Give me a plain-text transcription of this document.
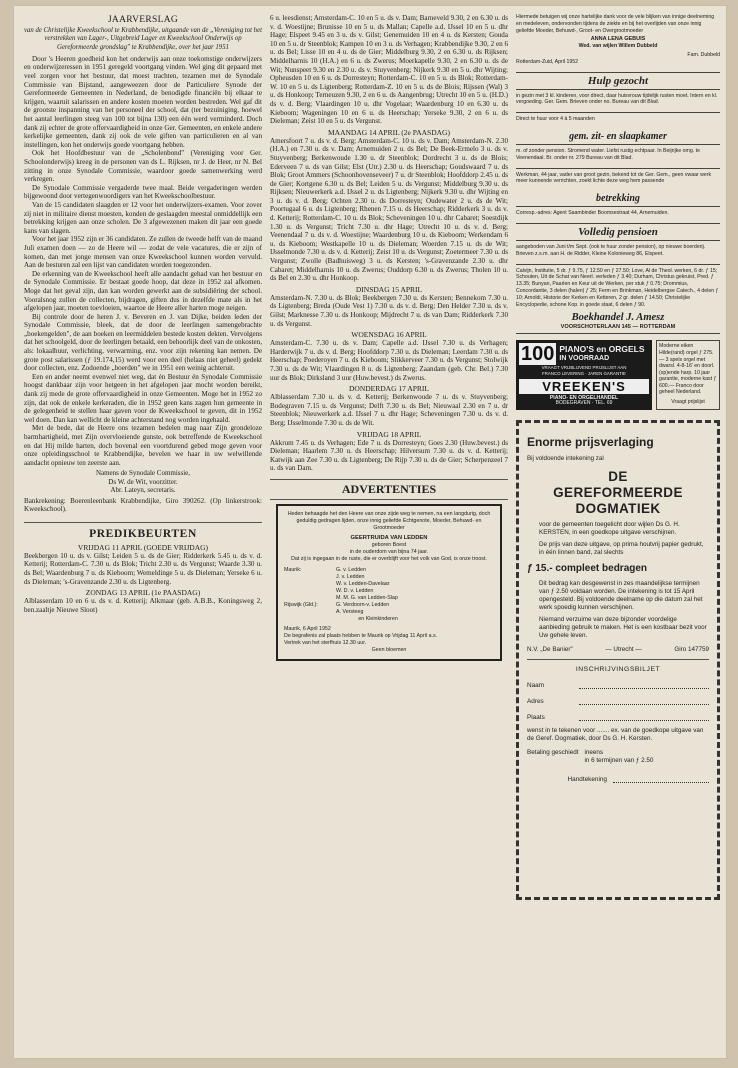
JAARVERSLAG
van de Christelijke Kweekschool te Krabbendijke, uitgaande van de „Vereniging tot het verstrekken van Lager-, Uitgebreid Lager en Kweekschool Onderwijs op Gereformeerde grondslag" te Krabbendijke, over het jaar 1951

Door 's Heeren goedheid kon het onderwijs aan onze toekomstige onderwijzers en onderwijzeressen in 1951 geregeld voortgang vinden. Wel ging dit gepaard met veel zorgen voor het bestuur, dat moest trachten, tezamen met de Synodale Commissie van Bijstand, aangeweezen door de Particuliere Synode der Gereformeerde Gemeenten in Nederland, de benodigde financiën bij elkaar te krijgen, waaruit salarissen en andere kosten moeten worden bestreden. Wel gaf dit de grootste inspanning van het personeel der school, dat (ter bezuiniging, hoewel het aantal leerlingen steeg van 100 tot bijna 130) een één werd verminderd. Doch dank zij echter de grote offervaardigheid in onze Ger. Gemeenten, en enkele andere kerkelijke gemeenten, dank zij ook de vele giften van particulieren en al van instellingen, kon het onderwijs goede voortgang hebben.

Ook het Hoofdbestuur van de „Scholenbond" (Vereniging voor Ger. Schoolonderwijs) kreeg in de personen van ds L. Rijksen, nr J. de Heer, nr N. Bel zitting in onze Synodale Commissie, waardoor goede samenwerking werd verkregen.

De Synodale Commissie vergaderde twee maal. Beide vergaderingen werden bijgewoond door vertegenwoordigers van het Kweekschoolbestuur.

Van de 15 candidaten slaagden er 12 voor het onderwijzers-examen. Voor zover zij niet in militaire dienst moesten, konden de geslaagden meestal onmiddellijk een betrekking krijgen aan onze scholen. De 3 afgewezenen maken dit jaar een goede kans van slagen.

Voor het jaar 1952 zijn er 36 candidaten. Ze zullen de tweede helft van de maand Juli examen doen — zo de Heere wil — zodat de vele vacatures, die er zijn of komen, dan met jonge mensen van onze Kweekschool kunnen worden vervuld. Aan de besturen zal een lijst van candidaten worden toegezonden.

De erkenning van de Kweekschool heeft alle aandacht gehad van het bestuur en de Synodale Commissie. Er bestaat goede hoop, dat deze in 1952 zal afkomen. Moge dat het geval zijn, dan kan worden gewerkt aan de subsidiëring der school. Vooralsnog zullen de collecten, bijdragen, giften dus in dezelfde mate als in het afgelopen jaar, moeten toevloeien, waartoe de Heere aller harten moge neigen.

Bij controle door de heren J. v. Beveren en J. van Dijke, beiden leden der Synodale Commissie, bleek, dat de door de leerlingen samengebrachte „boekengelden", de aan boeken en leermiddelen bestede kosten dekten. Vervolgens dat het schoolgeld, door de leerlingen betaald, een behoorlijk deel van de onkosten, als: lokaalhuur, verlichting, verwarming, enz. voor zijn rekening kan nemen. De grote post salarissen (ƒ 19.174,15) werd voor een deel (helaas niet geheel) gedekt door collecten, enz. Zodoende „boerden" we in 1951 een weinig achteruit.

Een en ander neemt evenwel niet weg, dat én Bestuur én Synodale Commissie hoogst dankbaar zijn voor hetgeen in het afgelopen jaar mocht worden bereikt, dank zij mede de grote offervaardigheid in onze Gemeenten. Moge het in 1952 zo zijn, dat ook de enkele kerkeraden, die in 1952 geen kans zagen hun gemeente in de gelegenheid te stellen haar gaven voor de Kweekschool te geven, dit in 1952 wel doen. Dan kan wellicht de kleine achterstand nog worden ingehaald.

Met de bede, dat de Heere ons tezamen bedelen mag naar Zijn grondeloze barmhartigheid, met Zijn overvloeiende gunste, ook betreffende de Kweekschool en dat Hij milde harten, doch bovenal een voortdurend gebed moge geven voor onze opleidingsschool te Krabbendijke, bevelen we haar in uw welwillende aandacht opnieuw ten zeerste aan.

Namens de Synodale Commissie,
Ds W. de Wit, voorzitter.
Abr. Lateyn, secretaris.
Bankrekening: Boerenleenbank Krabbendijke, Giro 390262. (Op linkerstrook: Kweekschool).
PREDIKBEURTEN
VRIJDAG 11 APRIL (GOEDE VRIJDAG)
Beekbergen 10 u. ds v. Gilst; Leiden 5 u. ds de Gier; Ridderkerk 5.45 u. ds v. d. Ketterij; Rotterdam-C. 7.30 u. ds Blok; Tricht 2.30 u. ds Vergunst; Waarde 3.30 u. ds Bel; Waardenburg 7 u. ds Kieboom; Wemeldinge 5 u. ds Dieleman; Yerseke 6 u. ds Dieleman; 's-Gravenzande 2.30 u. ds Ligtenberg.
ZONDAG 13 APRIL (1e PAASDAG)
Alblasserdam 10 en 6 u. ds v. d. Ketterij; Alkmaar (geb. A.B.B., Koningsweg 2, ben.zaaltje Nieuwe Sloot)
6 u. leesdienst; Amsterdam-C. 10 en 5 u. ds v. Dam; Barneveld 9.30, 2 en 6.30 u. ds v. d. Woestijne; Brunisse 10 en 5 u. ds Mallan; Capelle a.d. IJssel 10 en 5 u. dhr Hage; Elspeet 9.45 en 3 u. ds v. Gilst; Genemuiden 10 en 4 u. ds Kersten; Gouda 10 en 5 u. dr Steenblok; Kampen 10 en 3 u. ds Verhagen; Krabbendijke 9.30, 2 en 6 u. ds Bel; Lisse 10 en 4 u. ds de Gier; Middelburg 9.30, 2 en 6.30 u. ds Rijksen; Middelharnis 10 (H.A.) en 6 u. ds Zwerus; Moerkapelle 9.30, 2 en 6.30 u. ds de Wit; Nunspeet 9.30 en 2.30 u. ds v. Stuyvenberg; Nijkerk 9.30 en 5 u. dhr Wijting; Opheusden 10 en 6 u. ds Dorresteyn; Rotterdam-C. 10 en 5 u. ds Blok; Rotterdam-W. 10 en 5 u. ds Ligtenberg; Rotterdam-Z. 10 en 5 u. ds de Blois; Rijssen (Wal) 3 u. ds Honkoop; Terneuzen 9.30, 2 en 6 u. ds Aangenbrug; Utrecht 10 en 5 u. (H.D.) ds v. d. Berg; Vlaardingen 10 u. dhr Vogelaar; Waardenburg 10 en 6.30 u. ds Kieboom; Wageningen 10 en 6 u. ds Heerschap; Yerseke 9.30, 2 en 6 u. ds Dieleman; Zeist 10 en 5 u. ds Vergunst.
MAANDAG 14 APRIL (2e PAASDAG)
Amersfoort 7 u. ds v. d. Berg; Amsterdam-C. 10 u. ds v. Dam; Amsterdam-N. 2.30 (H.A.) en 7.30 u. ds v. Dam; Arnemuiden 2 u. ds Bel; De Beek-Ermelo 3 u. ds v. Stuyvenberg; Berkenwoude 1.30 u. dr Steenblok; Dordrecht 3 u. ds de Blois; Ederveen 7 u. ds van Gilst; Elst (Utr.) 2.30 u. ds Heerschap; Goudswaard 7 u. ds Blok; Groot Ammers (Schoonhovenseveer) 7 u. dr Steenblok; Hoofddorp 2.45 u. ds de Gier; Kortgene 6.30 u. ds Bel; Leiden 5 u. ds Vergunst; Middelburg 9.30 u. ds Rijksen; Nieuwerkerk a.d. IJssel 2 u. ds Ligtenberg; Nijkerk 9.30 u. dhr Wijting en 3 u. ds v. d. Berg; Ochten 2.30 u. ds Dorresteyn; Oudewater 2 u. ds de Wit; Poortugaal 6 u. ds Ligtenberg; Rhenen 7.15 u. ds Heerschap; Ridderkerk 3 u. ds v. d. Ketterij; Rotterdam-C. 10 u. ds Blok; Scheveningen 10 u. dhr Cabaret; Soestdijk 1.30 u. ds Vergunst; Tricht 7.30 u. dhr Hage; Utrecht 10 u. ds v. d. Berg; Veenendaal 7 u. ds v. d. Woestijne; Waardenburg 10 u. ds Kieboom; Werkendam 6 u. ds Kieboom; Westkapelle 10 u. ds Dieleman; Woerden 7.15 u. ds de Wit; IJsselmonde 7.30 u. ds v. d. Ketterij; Zeist 10 u. ds Vergunst; Zoetermeer 7.30 u. ds Vergunst; Zwolle (Badhuisweg) 3 u. ds Kersten; 's-Gravenzande 2.30 u. dhr Cabaret; Middelharnis 10 u. ds Zwerus; Ouddorp 6.30 u. ds Zwerus; Tholen 10 u. ds Bel en 2.30 u. dhr Honkoop.
DINSDAG 15 APRIL
Amsterdam-N. 7.30 u. ds Blok; Beekbergen 7.30 u. ds Kersten; Bennekom 7.30 u. ds Ligtenberg; Breda (Oude Vest 1) 7.30 u. ds v. d. Berg; Den Helder 7.30 u. ds v. Gilst; Marknesse 7.30 u. ds Honkoop; Mijdrecht 7 u. ds van Dam; Ridderkerk 7.30 u. ds Vergunst.
WOENSDAG 16 APRIL
Amsterdam-C. 7.30 u. ds v. Dam; Capelle a.d. IJssel 7.30 u. ds Verhagen; Harderwijk 7 u. ds v. d. Berg; Hoofddorp 7.30 u. ds Dieleman; Leerdam 7.30 u. ds Heerschap; Poederoyen 7 u. ds Kieboom; Slikkerveer 7.30 u. ds Vergunst; Stolwijk 7.30 u. ds de Wit; Vlaardingen 8 u. ds Ligtenberg; Zaandam (geb. Chr. Bel.) 7.30 uur ds Blok; Dirksland 3 uur (Huw.bevest.) ds Zwerus.
DONDERDAG 17 APRIL
Alblasserdam 7.30 u. ds v. d. Ketterij; Berkenwoude 7 u. ds v. Stuyvenberg; Bodegraven 7.15 u. ds Vergunst; Delft 7.30 u. ds Bel; Nieuwaal 2.30 en 7 u. dr Steenblok; Nieuwerkerk a.d. IJssel 7 u. dhr Hage; Scheveningen 7.30 u. ds v. d. Berg; IJsselmonde 7.30 u. ds de Wit.
VRIJDAG 18 APRIL
Akkrum 7.45 u. ds Verhagen; Ede 7 u. ds Dorresteyn; Goes 2.30 (Huw.bevest.) ds Dieleman; Haarlem 7.30 u. ds Heerschap; Hilversum 7.30 u. ds v. d. Ketterij; Katwijk aan Zee 7.30 u. ds Ligtenberg; De Rijp 7.30 u. ds de Gier; Scherpenzeel 7 u. ds van Dam.
ADVERTENTIES
Heden behaagde het den Heere van onze zijde weg te nemen, na een langdurig, doch geduldig gedragen lijden, onze innig geliefde Echtgenote, Moeder, Behuwd- en Grootmoeder
GEERTRUIDA VAN LEDDEN
geboren Boest
in de ouderdom van bijna 74 jaar.
Dat zij is ingegaan in de ruste, die er overblijft voor het volk van God, is onze troost.
Maurik:
Rijswijk (Gld.):
G. v. Ledden
J. v. Ledden
W. v. Ledden-Davelaar
W. D. v. Ledden
M. M. G. van Ledden-Slap
G. Verdoorn-v. Ledden
A. Versteeg
en Kleinkinderen
Maurik, 6 April 1952
De begrafenis zal plaats hebben te Maurik op Vrijdag 11 April a.s.
Vertrek van het sterfhuis 12.30 uur.
Geen bloemen
Hiermede betuigen wij onze hartelijke dank voor de vele blijken van innige deelneming en medeleven, ondervonden tijdens de ziekte en bij het overlijden van onze innig geliefde Moeder, Behuwd-, Groot- en Overgrootmoeder
ANNA LENA GEBUIS
Wed. van wijlen Willem Dubbeld
Fam. Dubbeld
Rotterdam-Zuid, April 1952
Hulp gezocht
in gezin met 3 kl. kinderen, voor direct, daar huisvrouw tijdelijk rusten moet. Intern en kl. vergoeding. Ger. Gem. Brieven onder no. Bureau van dit Blad.
Direct te huur voor 4 à 5 maanden
gem. zit- en slaapkamer
m. of zonder pension. Stromend water. Liefst rustig echtpaar. In Beijrijke omg. te Veenendaal. Br. onder nr. 279 Bureau van dit Blad.
Werkman, 44 jaar, vader van groot gezin, bekend tot de Ger. Gem., geen vwaar werk meer kunnende verrichten, zoekt lichte deze weg hem passende
betrekking
Corresp.-adres: Agent Saambinder Boomsestraat 44, Arnemuiden.
Volledig pensioen
aangeboden van Juni t/m Sept. (ook te huur zonder pension), op nieuwe boerderij. Brieven z.s.m. aan H. de Ridder, Kleine Kolonieweg 86, Elspeet.
Calvijn, Institutie, 5 dr. ƒ 9.75, ƒ 12.50 en ƒ 27.50; Love, Al de Theol. werken, 6 dr. ƒ 15; Schouten, Uit de Schat van Neerl. verleden ƒ 3.40; Durham, Christus gekruist, Pred. ƒ 13.35; Bunyan, Paarlen en Keur uit de Werken, per stuk ƒ 0.75; Drommius, Concordantie, 3 delen (halen) ƒ 25; Ferm en Brinkman, Heidelbergse Catech., 4 delen ƒ 10; Arnoldi, Historie der Kerken en Ketteren, 2 gr. delen ƒ 14.50; Christelijke Encyclopedie, schone Kop. in goede staat, 6 delen ƒ 90.
Boekhandel J. Amesz
VOORSCHOTERLAAN 145 — ROTTERDAM
100 PIANO'S en ORGELS
IN VOORRAAD
VRAAGT VRIJBLIJVEND PRIJSLIJST AAN
FRANCO LEVERING · JAREN GARANTIE
VREEKEN'S
PIANO- EN ORGELHANDEL
BODEGRAVEN · TEL. 69
Moderne eiken Hilde(rand) orgel ƒ 275.— 3 spels orgel met dwarsl. 4-8-16' en doorl.(sp)ende harp. 10 jaar garantie, moderne kast ƒ 600.— Franco door geheel Nederland.
Vraagt prijslijst
Enorme prijsverlaging
Bij voldoende intekening zal
DE
GEREFORMEERDE
DOGMATIEK
voor de gemeenten toegelicht door wijlen Ds G. H. KERSTEN, in een goedkope uitgave verschijnen.
De prijs van deze uitgave, op prima houtvrij papier gedrukt, in één linnen band, zal slechts
ƒ 15.- compleet bedragen
Dit bedrag kan desgewenst in zes maandelijkse termijnen van ƒ 2.50 voldaan worden. De intekening is tot 15 April opengesteld. Bij voldoende deelname op die datum zal het werk spoedig kunnen verschijnen.
Niemand verzuime van deze bijzonder voordelige aanbieding gebruik te maken. Het is een kostbaar bezit voor Uw gehele leven.
N.V. „De Banier"	— Utrecht —	Giro 147759
INSCHRIJVINGSBILJET
Naam
Adres
Plaats
wenst in te tekenen voor ....... ex. van de goedkope uitgave van de Geref. Dogmatiek, door Ds G. H. Kersten.
Betaling geschiedt ineens
in 6 termijnen van ƒ 2.50
Handtekening
